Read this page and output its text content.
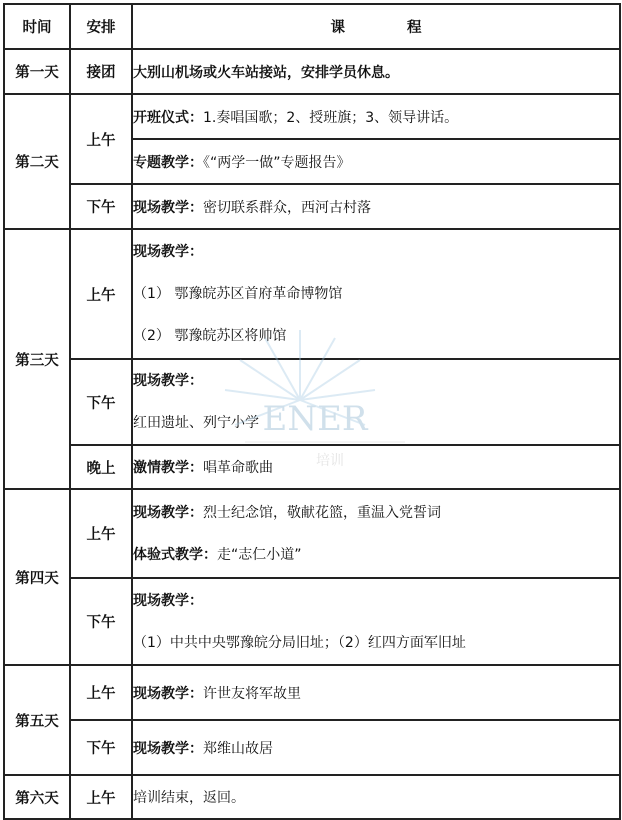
时间	安排	课 程
第一天	接团	大别山机场或火车站接站，安排学员休息。
第二天	上午	开班仪式：1.奏唱国歌；2、授班旗；3、领导讲话。
		专题教学：《“两学一做”专题报告》
	下午	现场教学：密切联系群众，西河古村落
第三天	上午	现场教学：
（1） 鄂豫皖苏区首府革命博物馆
（2） 鄂豫皖苏区将帅馆

	下午	现场教学：
红田遗址、列宁小学

	晚上	激情教学：唱革命歌曲
第四天	上午	现场教学：烈士纪念馆，敬献花篮，重温入党誓词
体验式教学：走“志仁小道”

	下午	现场教学：
（1）中共中央鄂豫皖分局旧址；（2）红四方面军旧址

第五天	上午	现场教学：许世友将军故里
	下午	现场教学：郑维山故居
第六天	上午	培训结束，返回。
ENER
培训
